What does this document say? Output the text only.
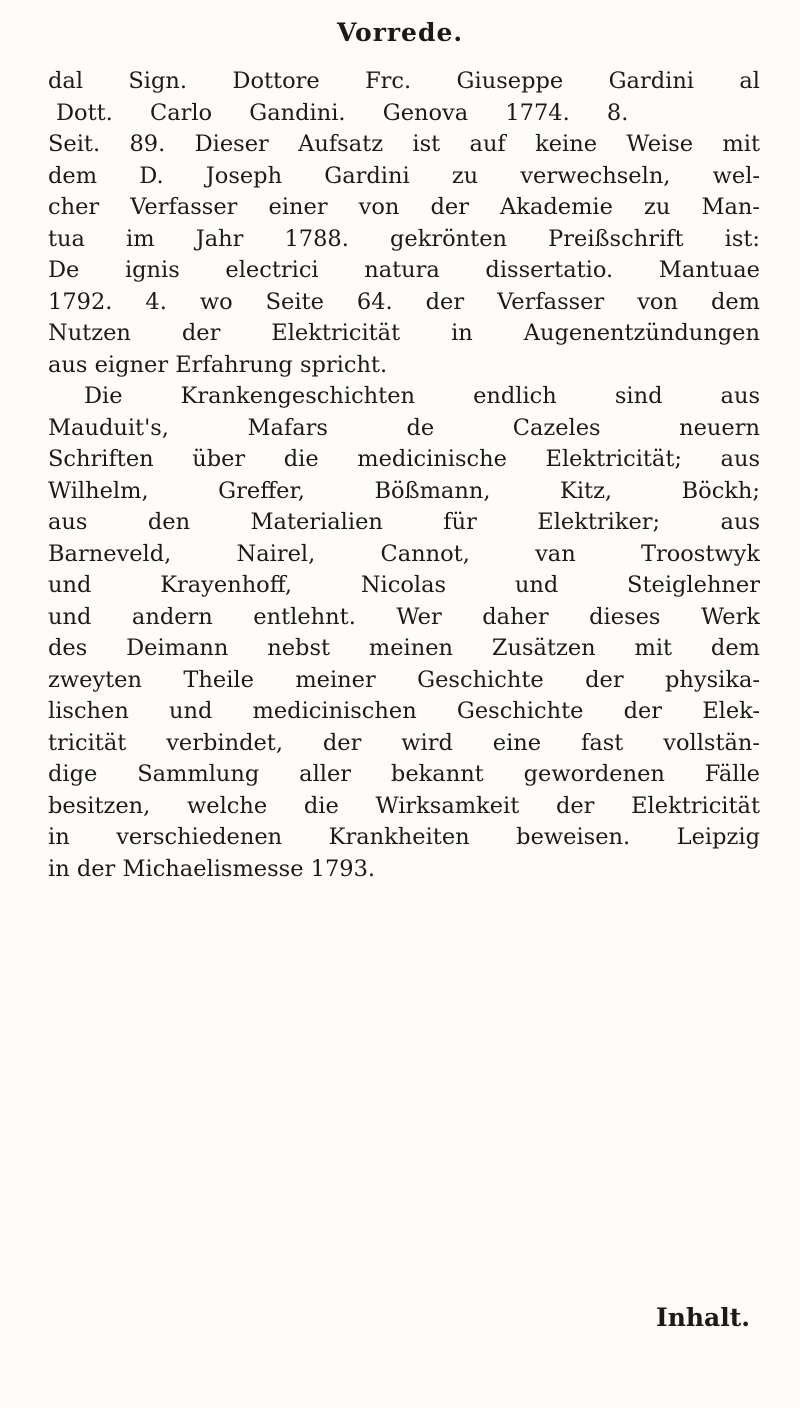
Vorrede.
dal Sign. Dottore Frc. Giuseppe Gardini al
Dott. Carlo Gandini. Genova 1774. 8.
Seit. 89. Dieser Aufsatz ist auf keine Weise mit
dem D. Joseph Gardini zu verwechseln, wel-
cher Verfasser einer von der Akademie zu Man-
tua im Jahr 1788. gekrönten Preißschrift ist:
De ignis electrici natura dissertatio. Mantuae
1792. 4. wo Seite 64. der Verfasser von dem
Nutzen der Elektricität in Augenentzündungen
aus eigner Erfahrung spricht.
Die Krankengeschichten endlich sind aus
Mauduit's, Mafars de Cazeles neuern
Schriften über die medicinische Elektricität; aus
Wilhelm, Greffer, Bößmann, Kitz, Böckh;
aus den Materialien für Elektriker; aus
Barneveld, Nairel, Cannot, van Troostwyk
und Krayenhoff, Nicolas und Steiglehner
und andern entlehnt. Wer daher dieses Werk
des Deimann nebst meinen Zusätzen mit dem
zweyten Theile meiner Geschichte der physika-
lischen und medicinischen Geschichte der Elek-
tricität verbindet, der wird eine fast vollstän-
dige Sammlung aller bekannt gewordenen Fälle
besitzen, welche die Wirksamkeit der Elektricität
in verschiedenen Krankheiten beweisen. Leipzig
in der Michaelismesse 1793.
Inhalt.
